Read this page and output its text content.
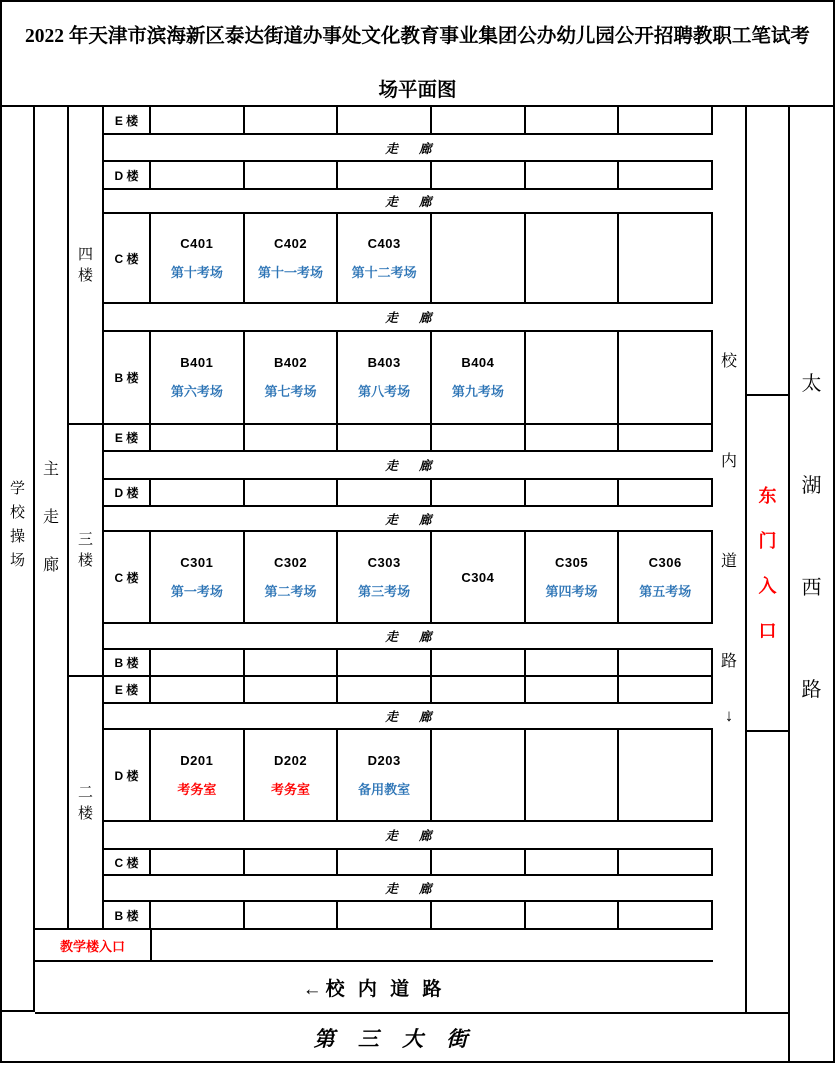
2022 年天津市滨海新区泰达街道办事处文化教育事业集团公办幼儿园公开招聘教职工笔试考
场平面图
学
校
操
场
主
走
廊
四
楼
三
楼
二
楼
E 楼
走 廊
D 楼
走 廊
C 楼
C401
第十考场
C402
第十一考场
C403
第十二考场
走 廊
B 楼
B401
第六考场
B402
第七考场
B403
第八考场
B404
第九考场
E 楼
走 廊
D 楼
走 廊
C 楼
C301
第一考场
C302
第二考场
C303
第三考场
C304
C305
第四考场
C306
第五考场
走 廊
B 楼
E 楼
走 廊
D 楼
D201
考务室
D202
考务室
D203
备用教室
走 廊
C 楼
走 廊
B 楼
教学楼入口
←校 内 道 路
第 三 大 街
校
内
道
路
↓
东
门
入
口
太
湖
西
路
